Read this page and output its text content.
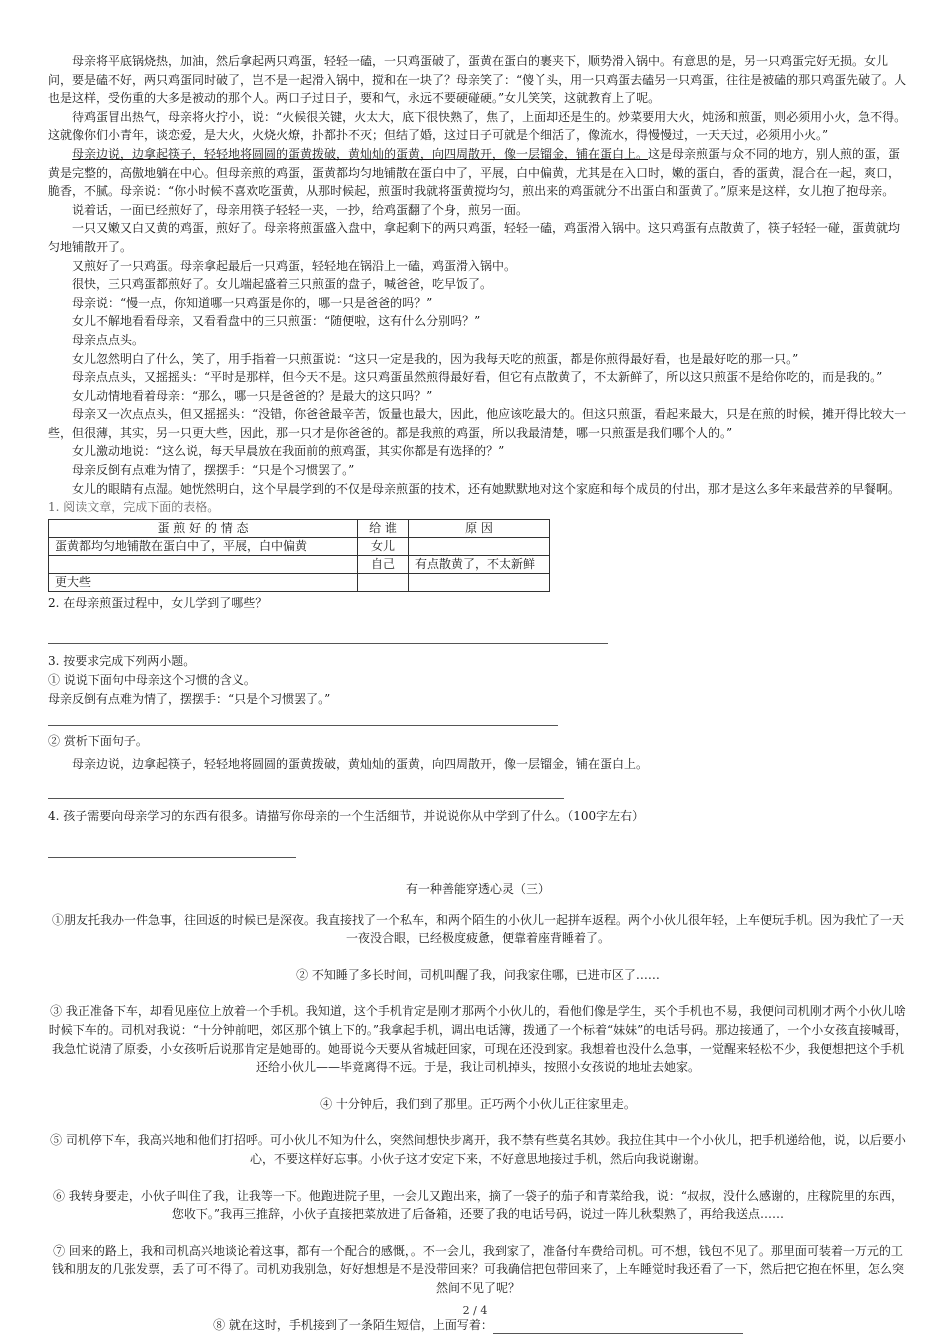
母亲将平底锅烧热，加油，然后拿起两只鸡蛋，轻轻一磕，一只鸡蛋破了，蛋黄在蛋白的裹夹下，顺势滑入锅中。有意思的是，另一只鸡蛋完好无损。女儿问，要是磕不好，两只鸡蛋同时破了，岂不是一起滑入锅中，搅和在一块了？母亲笑了：“傻丫头，用一只鸡蛋去磕另一只鸡蛋，往往是被磕的那只鸡蛋先破了。人也是这样，受伤重的大多是被动的那个人。两口子过日子，要和气，永远不要硬碰硬。”女儿笑笑，这就教育上了呢。

待鸡蛋冒出热气，母亲将火拧小，说：“火候很关键，火太大，底下很快熟了，焦了，上面却还是生的。炒菜要用大火，炖汤和煎蛋，则必须用小火，急不得。这就像你们小青年，谈恋爱，是大火，火烧火燎，扑都扑不灭；但结了婚，这过日子可就是个细活了，像流水，得慢慢过，一天天过，必须用小火。”

母亲边说，边拿起筷子，轻轻地将圆圆的蛋黄拨破，黄灿灿的蛋黄，向四周散开，像一层镏金，铺在蛋白上。这是母亲煎蛋与众不同的地方，别人煎的蛋，蛋黄是完整的，高傲地躺在中心。但母亲煎的鸡蛋，蛋黄都均匀地铺散在蛋白中了，平展，白中偏黄，尤其是在入口时，嫩的蛋白，香的蛋黄，混合在一起，爽口，脆香，不腻。母亲说：“你小时候不喜欢吃蛋黄，从那时候起，煎蛋时我就将蛋黄搅均匀，煎出来的鸡蛋就分不出蛋白和蛋黄了。”原来是这样，女儿抱了抱母亲。

说着话，一面已经煎好了，母亲用筷子轻轻一夹，一抄，给鸡蛋翻了个身，煎另一面。

一只又嫩又白又黄的鸡蛋，煎好了。母亲将煎蛋盛入盘中，拿起剩下的两只鸡蛋，轻轻一磕，鸡蛋滑入锅中。这只鸡蛋有点散黄了，筷子轻轻一碰，蛋黄就均匀地铺散开了。

又煎好了一只鸡蛋。母亲拿起最后一只鸡蛋，轻轻地在锅沿上一磕，鸡蛋滑入锅中。

很快，三只鸡蛋都煎好了。女儿端起盛着三只煎蛋的盘子，喊爸爸，吃早饭了。

母亲说：“慢一点，你知道哪一只鸡蛋是你的，哪一只是爸爸的吗？”

女儿不解地看看母亲，又看看盘中的三只煎蛋：“随便啦，这有什么分别吗？”

母亲点点头。

女儿忽然明白了什么，笑了，用手指着一只煎蛋说：“这只一定是我的，因为我每天吃的煎蛋，都是你煎得最好看，也是最好吃的那一只。”

母亲点点头，又摇摇头：“平时是那样，但今天不是。这只鸡蛋虽然煎得最好看，但它有点散黄了，不太新鲜了，所以这只煎蛋不是给你吃的，而是我的。”

女儿动情地看着母亲：“那么，哪一只是爸爸的？是最大的这只吗？”

母亲又一次点点头，但又摇摇头：“没错，你爸爸最辛苦，饭量也最大，因此，他应该吃最大的。但这只煎蛋，看起来最大，只是在煎的时候，摊开得比较大一些，但很薄，其实，另一只更大些，因此，那一只才是你爸爸的。都是我煎的鸡蛋，所以我最清楚，哪一只煎蛋是我们哪个人的。”

女儿激动地说：“这么说，每天早晨放在我面前的煎鸡蛋，其实你都是有选择的？”

母亲反倒有点难为情了，摆摆手：“只是个习惯罢了。”

女儿的眼睛有点湿。她恍然明白，这个早晨学到的不仅是母亲煎蛋的技术，还有她默默地对这个家庭和每个成员的付出，那才是这么多年来最营养的早餐啊。

1. 阅读文章，完成下面的表格。

蛋 煎 好 的 情 态	给 谁	原 因
蛋黄都均匀地铺散在蛋白中了，平展，白中偏黄	女儿	
	自己	有点散黄了，不太新鲜
更大些		

2. 在母亲煎蛋过程中，女儿学到了哪些？

3. 按要求完成下列两小题。

① 说说下面句中母亲这个习惯的含义。

母亲反倒有点难为情了，摆摆手：“只是个习惯罢了。”

② 赏析下面句子。

母亲边说，边拿起筷子，轻轻地将圆圆的蛋黄拨破，黄灿灿的蛋黄，向四周散开，像一层镏金，铺在蛋白上。

4. 孩子需要向母亲学习的东西有很多。请描写你母亲的一个生活细节，并说说你从中学到了什么。（100字左右）

有一种善能穿透心灵（三）

①朋友托我办一件急事，往回返的时候已是深夜。我直接找了一个私车，和两个陌生的小伙儿一起拼车返程。两个小伙儿很年轻，上车便玩手机。因为我忙了一天一夜没合眼，已经极度疲惫，便靠着座背睡着了。

② 不知睡了多长时间，司机叫醒了我，问我家住哪，已进市区了……

③ 我正准备下车，却看见座位上放着一个手机。我知道，这个手机肯定是刚才那两个小伙儿的，看他们像是学生，买个手机也不易，我便问司机刚才两个小伙儿啥时候下车的。司机对我说：“十分钟前吧，郊区那个镇上下的。”我拿起手机，调出电话簿，拨通了一个标着“妹妹”的电话号码。那边接通了，一个小女孩直接喊哥，我急忙说清了原委，小女孩听后说那肯定是她哥的。她哥说今天要从省城赶回家，可现在还没到家。我想着也没什么急事，一觉醒来轻松不少，我便想把这个手机还给小伙儿——毕竟离得不远。于是，我让司机掉头，按照小女孩说的地址去她家。

④ 十分钟后，我们到了那里。正巧两个小伙儿正往家里走。

⑤ 司机停下车，我高兴地和他们打招呼。可小伙儿不知为什么，突然间想快步离开，我不禁有些莫名其妙。我拉住其中一个小伙儿，把手机递给他，说，以后要小心，不要这样好忘事。小伙子这才安定下来，不好意思地接过手机，然后向我说谢谢。

⑥ 我转身要走，小伙子叫住了我，让我等一下。他跑进院子里，一会儿又跑出来，摘了一袋子的茄子和青菜给我，说：“叔叔，没什么感谢的，庄稼院里的东西，您收下。”我再三推辞，小伙子直接把菜放进了后备箱，还要了我的电话号码，说过一阵儿秋梨熟了，再给我送点……

⑦ 回来的路上，我和司机高兴地谈论着这事，都有一个配合的感慨，。不一会儿，我到家了，准备付车费给司机。可不想，钱包不见了。那里面可装着一万元的工钱和朋友的几张发票，丢了可不得了。司机劝我别急，好好想想是不是没带回来？可我确信把包带回来了，上车睡觉时我还看了一下，然后把它抱在怀里，怎么突然间不见了呢？

⑧ 就在这时，手机接到了一条陌生短信，上面写着：

2 / 4
